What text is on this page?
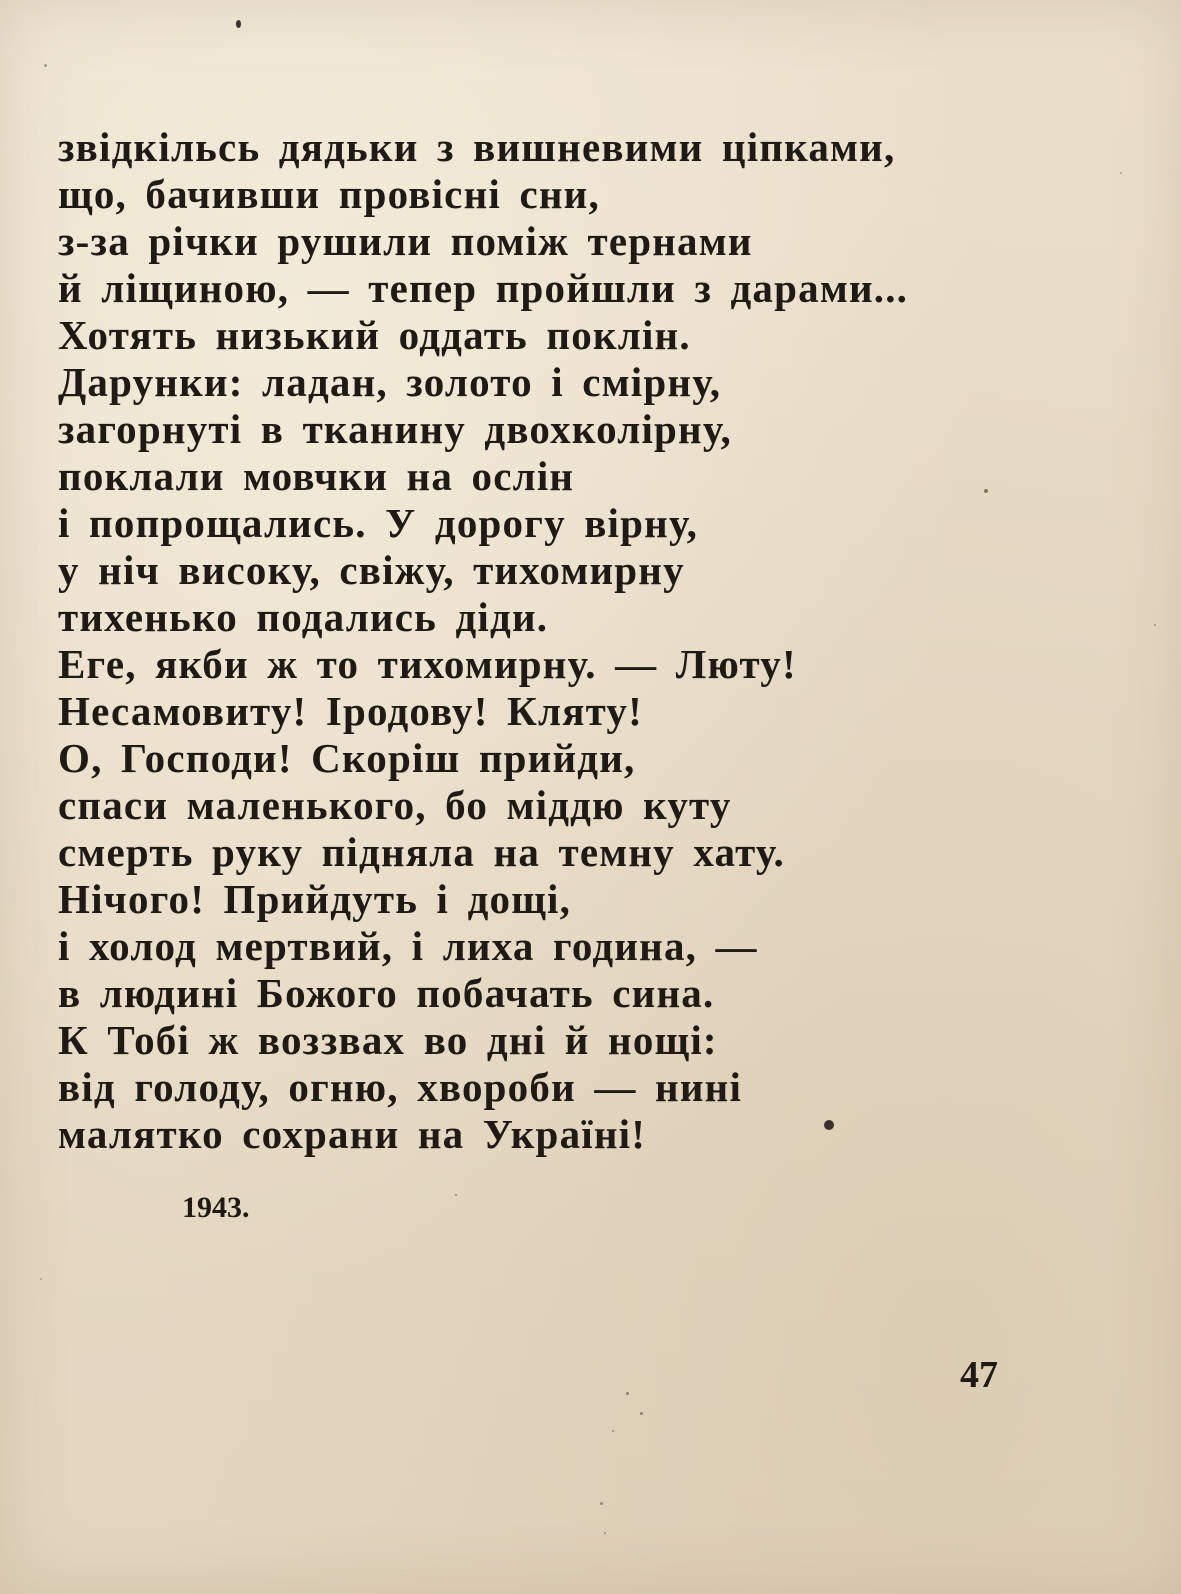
звідкільсь дядьки з вишневими ціпками,
що, бачивши провісні сни,
з-за річки рушили поміж тернами
й ліщиною, — тепер пройшли з дарами...
Хотять низький оддать поклін.
Дарунки: ладан, золото і смірну,
загорнуті в тканину двохколірну,
поклали мовчки на ослін
і попрощались. У дорогу вірну,
у ніч високу, свіжу, тихомирну
тихенько подались діди.
Еге, якби ж то тихомирну. — Люту!
Несамовиту! Іродову! Кляту!
О, Господи! Скоріш прийди,
спаси маленького, бо міддю куту
смерть руку підняла на темну хату.
Нічого! Прийдуть і дощі,
і холод мертвий, і лиха година, —
в людині Божого побачать сина.
К Тобі ж воззвах во дні й нощі:
від голоду, огню, хвороби — нині
малятко сохрани на Україні!
1943.
47
